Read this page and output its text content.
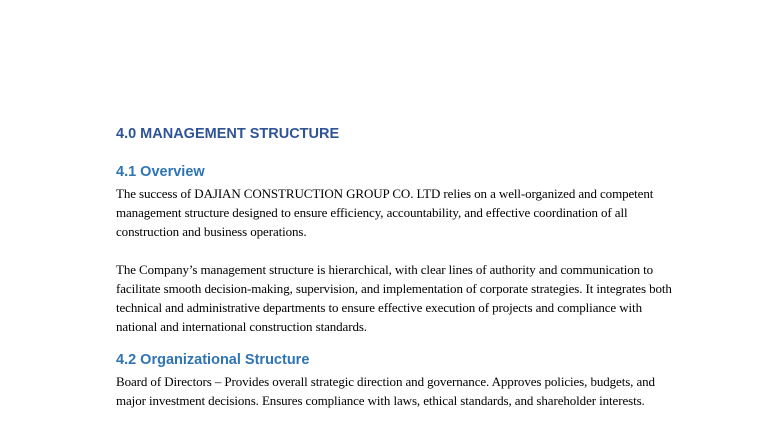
4.0 MANAGEMENT STRUCTURE
4.1 Overview

The success of DAJIAN CONSTRUCTION GROUP CO. LTD relies on a well-organized and competent management structure designed to ensure efficiency, accountability, and effective coordination of all construction and business operations.

The Company’s management structure is hierarchical, with clear lines of authority and communication to facilitate smooth decision-making, supervision, and implementation of corporate strategies. It integrates both technical and administrative departments to ensure effective execution of projects and compliance with national and international construction standards.

4.2 Organizational Structure

Board of Directors – Provides overall strategic direction and governance. Approves policies, budgets, and major investment decisions. Ensures compliance with laws, ethical standards, and shareholder interests.
